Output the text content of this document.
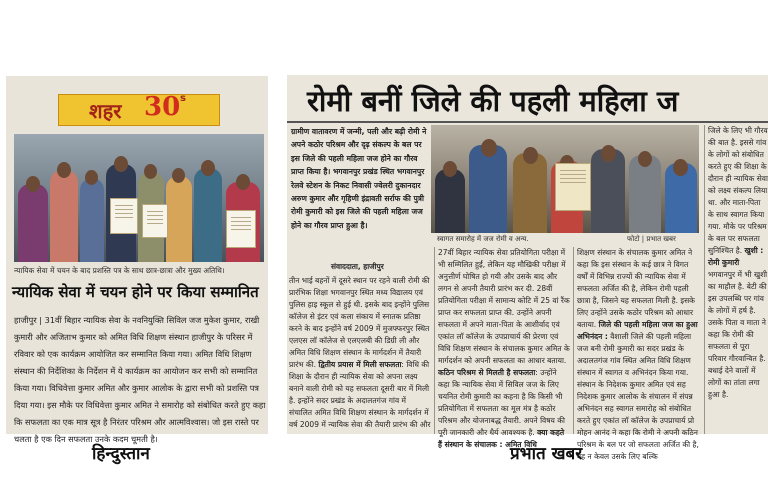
शहर 30 s
न्यायिक सेवा में चयन के बाद प्रशस्ति पत्र के साथ छात्र-छात्रा और मुख्य अतिथि।
न्यायिक सेवा में चयन होने पर किया सम्मानित
हाजीपुर | 31वीं बिहार न्यायिक सेवा के नवनियुक्ति सिविल जज मुकेश कुमार, राखी कुमारी और अजिताभ कुमार को अमित विधि शिक्षण संस्थान हाजीपुर के परिसर में रविवार को एक कार्यक्रम आयोजित कर सम्मानित किया गया। अमित विधि शिक्षण संस्थान की निर्देशिका के निर्देशन में ये कार्यक्रम का आयोजन कर सभी को सम्मानित किया गया। विधिवेत्ता कुमार अमित और कुमार आलोक के द्वारा सभी को प्रशस्ति पत्र दिया गया। इस मौके पर विधिवेत्ता कुमार अमित ने समारोह को संबोधित करते हुए कहा कि सफलता का एक मात्र सूत्र है निरंतर परिश्रम और आत्मविश्वास। जो इस रास्ते पर चलता है एक दिन सफलता उनके कदम चूमती है।
रोमी बनीं जिले की पहली महिला ज
ग्रामीण वातावरण में जन्मी, पली और बढ़ी रोमी ने अपने कठोर परिश्रम और दृढ़ संकल्प के बल पर इस जिले की पहली महिला जज होने का गौरव प्राप्त किया है। भगवानपुर प्रखंड स्थित भगवानपुर रेलवे स्टेशन के निकट निवासी ज्वेलरी दुकानदार अरुण कुमार और गृहिणी इंद्रावती सर्राफ की पुत्री रोमी कुमारी को इस जिले की पहली महिला जज होने का गौरव प्राप्त हुआ है।
स्वागत समारोह में जज रोमी व अन्य.	फोटो | प्रभात खबर
संवाददाता, हाजीपुर
तीन भाई बहनों में दूसरे स्थान पर रहने वाली रोमी की प्रारंभिक शिक्षा भगवानपुर स्थित मध्य विद्यालय एवं पुलिस हाइ स्कूल से हुई थी. इसके बाद इन्होंने पुलिस कॉलेज से इंटर एवं कला संकाय में स्नातक प्रतिष्ठा करने के बाद इन्होंने वर्ष 2009 में मुजफ्फरपुर स्थित एलएस लॉ कॉलेज से एलएलबी की डिग्री ली और अमित विधि शिक्षण संस्थान के मार्गदर्शन में तैयारी प्रारंभ की. द्वितीय प्रयास में मिली सफलता: विधि की शिक्षा के दौरान ही न्यायिक सेवा को अपना लक्ष्य बनाने वाली रोमी को यह सफलता दूसरी बार में मिली है. इन्होंने सदर प्रखंड के अदालतगंज गांव में संचालित अमित विधि शिक्षण संस्थान के मार्गदर्शन में वर्ष 2009 में न्यायिक सेवा की तैयारी प्रारंभ की और
27वीं बिहार न्यायिक सेवा प्रतियोगिता परीक्षा में भी सम्मिलित हुईं, लेकिन यह मौखिकी परीक्षा में अनुत्तीर्ण घोषित हो गयी और उसके बाद और लगन से अपनी तैयारी प्रारंभ कर दी. 28वीं प्रतियोगिता परीक्षा में सामान्य कोटि में 25 वां रैंक प्राप्त कर सफलता प्राप्त की. उन्होंने अपनी सफलता में अपने माता-पिता के आशीर्वाद एवं एकांत लॉ कॉलेज के उपप्राचार्य की प्रेरणा एवं विधि शिक्षण संस्थान के संचालक कुमार अमित के मार्गदर्शन को अपनी सफलता का आधार बताया. कठिन परिश्रम से मिलती है सफलता: उन्होंने कहा कि न्यायिक सेवा में सिविल जज के लिए चयनित रोमी कुमारी का कहना है कि किसी भी प्रतियोगिता में सफलता का मूल मंत्र है कठोर परिश्रम और योजनाबद्ध तैयारी. अपने विषय की पूरी जानकारी और धैर्य आवश्यक है. क्या कहते हैं संस्थान के संचालक : अमित विधि
शिक्षण संस्थान के संचालक कुमार अमित ने कहा कि इस संस्थान के कई छात्र ने विगत वर्षों में विभिन्न राज्यों की न्यायिक सेवा में सफलता अर्जित की है, लेकिन रोमी पहली छात्रा है, जिसने यह सफलता मिली है. इसके लिए उन्होंने उसके कठोर परिश्रम को आधार बताया. जिले की पहली महिला जज का हुआ अभिनंदन : वैशाली जिले की पहली महिला जज बनी रोमी कुमारी का सदर प्रखंड के अदालतगंज गांव स्थित अमित विधि शिक्षण संस्थान में स्वागत व अभिनंदन किया गया. संस्थान के निदेशक कुमार अमित एवं सह निदेशक कुमार आलोक के संचालन में संपन्न अभिनंदन सह स्वागत समारोह को संबोधित करते हुए एकांत लॉ कॉलेज के उपप्राचार्य प्रो मोहन आनंद ने कहा कि रोमी ने अपनी कठिन परिश्रम के बल पर जो सफलता अर्जित की है, वह न केवल उसके लिए बल्कि
जिले के लिए भी गौरव की बात है. इससे गांव के लोगों को संबोधित करते हुए की शिक्षा के दौरान ही न्यायिक सेवा को लक्ष्य संकल्प लिया था. और माता-पिता के साथ स्वागत किया गया. मौके पर परिश्रम के बल पर सफलता सुनिश्चित है. खुशी : रोमी कुमारी भगवानपुर में भी खुशी का माहौल है. बेटी की इस उपलब्धि पर गांव के लोगों में हर्ष है. उसके पिता व माता ने कहा कि रोमी की सफलता से पूरा परिवार गौरवान्वित है. बधाई देने वालों में लोगों का तांता लगा हुआ है.
हिन्दुस्तान	प्रभात खबर
